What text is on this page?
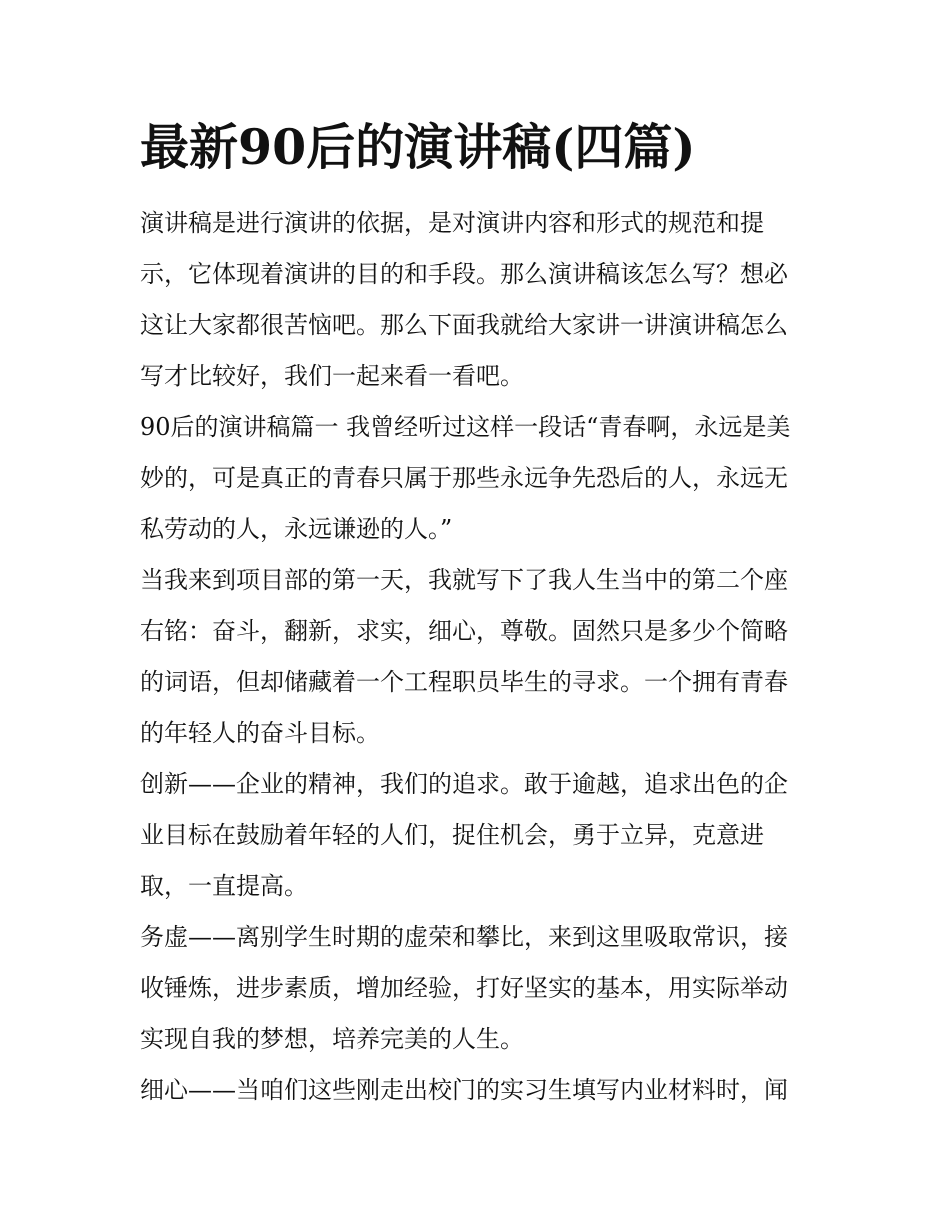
最新90后的演讲稿(四篇)
演讲稿是进行演讲的依据，是对演讲内容和形式的规范和提
示，它体现着演讲的目的和手段。那么演讲稿该怎么写？想必
这让大家都很苦恼吧。那么下面我就给大家讲一讲演讲稿怎么
写才比较好，我们一起来看一看吧。
90后的演讲稿篇一 我曾经听过这样一段话“青春啊，永远是美
妙的，可是真正的青春只属于那些永远争先恐后的人，永远无
私劳动的人，永远谦逊的人。”
当我来到项目部的第一天，我就写下了我人生当中的第二个座
右铭：奋斗，翻新，求实，细心，尊敬。固然只是多少个简略
的词语，但却储藏着一个工程职员毕生的寻求。一个拥有青春
的年轻人的奋斗目标。
创新——企业的精神，我们的追求。敢于逾越，追求出色的企
业目标在鼓励着年轻的人们，捉住机会，勇于立异，克意进
取，一直提高。
务虚——离别学生时期的虚荣和攀比，来到这里吸取常识，接
收锤炼，进步素质，增加经验，打好坚实的基本，用实际举动
实现自我的梦想，培养完美的人生。
细心——当咱们这些刚走出校门的实习生填写内业材料时，闻
